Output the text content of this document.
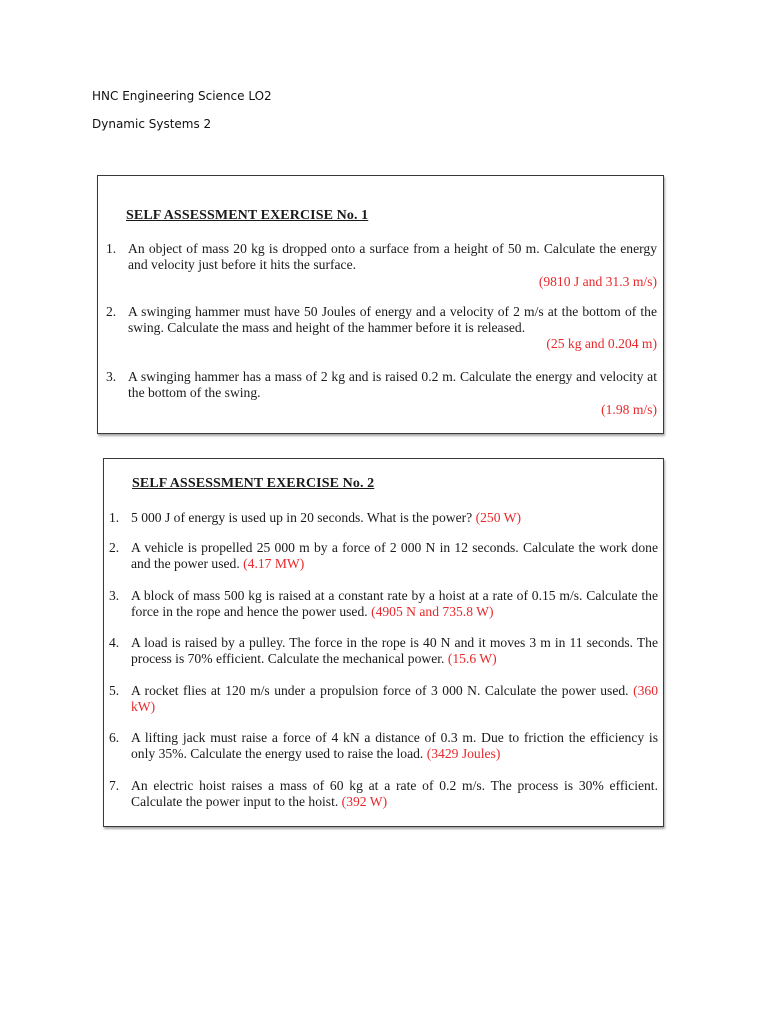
HNC Engineering Science LO2
Dynamic Systems 2
SELF ASSESSMENT EXERCISE No. 1
1. An object of mass 20 kg is dropped onto a surface from a height of 50 m. Calculate the energy and velocity just before it hits the surface.
(9810 J and 31.3 m/s)
2. A swinging hammer must have 50 Joules of energy and a velocity of 2 m/s at the bottom of the swing. Calculate the mass and height of the hammer before it is released.
(25 kg and 0.204 m)
3. A swinging hammer has a mass of 2 kg and is raised 0.2 m. Calculate the energy and velocity at the bottom of the swing.
(1.98 m/s)
SELF ASSESSMENT EXERCISE No. 2
1. 5 000 J of energy is used up in 20 seconds. What is the power? (250 W)
2. A vehicle is propelled 25 000 m by a force of 2 000 N in 12 seconds. Calculate the work done and the power used. (4.17 MW)
3. A block of mass 500 kg is raised at a constant rate by a hoist at a rate of 0.15 m/s. Calculate the force in the rope and hence the power used. (4905 N and 735.8 W)
4. A load is raised by a pulley. The force in the rope is 40 N and it moves 3 m in 11 seconds. The process is 70% efficient. Calculate the mechanical power. (15.6 W)
5. A rocket flies at 120 m/s under a propulsion force of 3 000 N. Calculate the power used. (360 kW)
6. A lifting jack must raise a force of 4 kN a distance of 0.3 m. Due to friction the efficiency is only 35%. Calculate the energy used to raise the load. (3429 Joules)
7. An electric hoist raises a mass of 60 kg at a rate of 0.2 m/s. The process is 30% efficient. Calculate the power input to the hoist. (392 W)
